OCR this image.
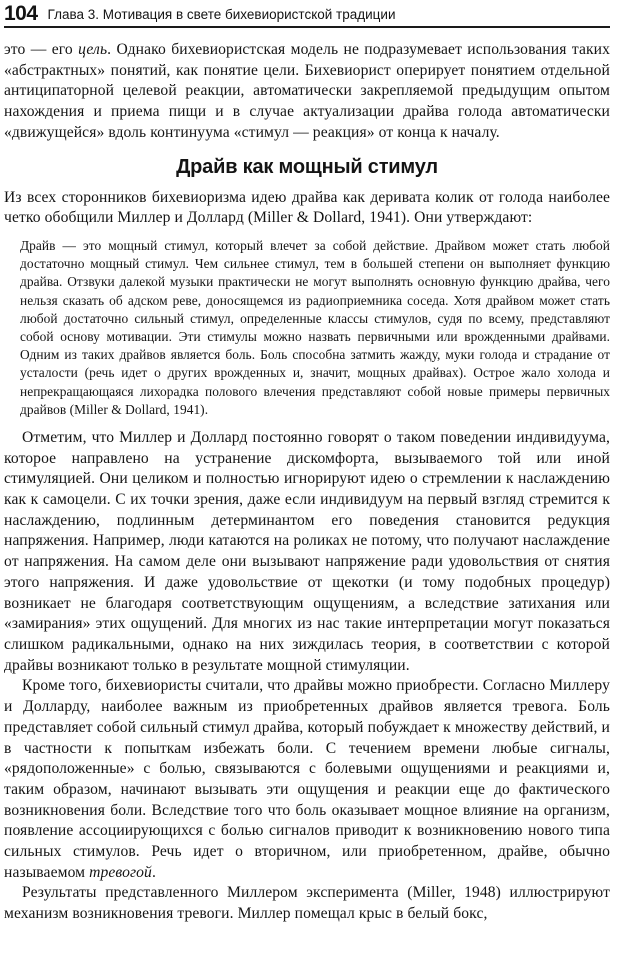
104 Глава 3. Мотивация в свете бихевиористской традиции

это — его цель. Однако бихевиористская модель не подразумевает использования таких «абстрактных» понятий, как понятие цели. Бихевиорист оперирует понятием отдельной антиципаторной целевой реакции, автоматически закрепляемой предыдущим опытом нахождения и приема пищи и в случае актуализации драйва голода автоматически «движущейся» вдоль континуума «стимул — реакция» от конца к началу.

Драйв как мощный стимул

Из всех сторонников бихевиоризма идею драйва как деривата колик от голода наиболее четко обобщили Миллер и Доллард (Miller & Dollard, 1941). Они утверждают:

Драйв — это мощный стимул, который влечет за собой действие. Драйвом может стать любой достаточно мощный стимул. Чем сильнее стимул, тем в большей степени он выполняет функцию драйва. Отзвуки далекой музыки практически не могут выполнять основную функцию драйва, чего нельзя сказать об адском реве, доносящемся из радиоприемника соседа. Хотя драйвом может стать любой достаточно сильный стимул, определенные классы стимулов, судя по всему, представляют собой основу мотивации. Эти стимулы можно назвать первичными или врожденными драйвами. Одним из таких драйвов является боль. Боль способна затмить жажду, муки голода и страдание от усталости (речь идет о других врожденных и, значит, мощных драйвах). Острое жало холода и непрекращающаяся лихорадка полового влечения представляют собой новые примеры первичных драйвов (Miller & Dollard, 1941).

Отметим, что Миллер и Доллард постоянно говорят о таком поведении индивидуума, которое направлено на устранение дискомфорта, вызываемого той или иной стимуляцией. Они целиком и полностью игнорируют идею о стремлении к наслаждению как к самоцели. С их точки зрения, даже если индивидуум на первый взгляд стремится к наслаждению, подлинным детерминантом его поведения становится редукция напряжения. Например, люди катаются на роликах не потому, что получают наслаждение от напряжения. На самом деле они вызывают напряжение ради удовольствия от снятия этого напряжения. И даже удовольствие от щекотки (и тому подобных процедур) возникает не благодаря соответствующим ощущениям, а вследствие затихания или «замирания» этих ощущений. Для многих из нас такие интерпретации могут показаться слишком радикальными, однако на них зиждилась теория, в соответствии с которой драйвы возникают только в результате мощной стимуляции.

Кроме того, бихевиористы считали, что драйвы можно приобрести. Согласно Миллеру и Долларду, наиболее важным из приобретенных драйвов является тревога. Боль представляет собой сильный стимул драйва, который побуждает к множеству действий, и в частности к попыткам избежать боли. С течением времени любые сигналы, «рядоположенные» с болью, связываются с болевыми ощущениями и реакциями и, таким образом, начинают вызывать эти ощущения и реакции еще до фактического возникновения боли. Вследствие того что боль оказывает мощное влияние на организм, появление ассоциирующихся с болью сигналов приводит к возникновению нового типа сильных стимулов. Речь идет о вторичном, или приобретенном, драйве, обычно называемом тревогой.

Результаты представленного Миллером эксперимента (Miller, 1948) иллюстрируют механизм возникновения тревоги. Миллер помещал крыс в белый бокс,
